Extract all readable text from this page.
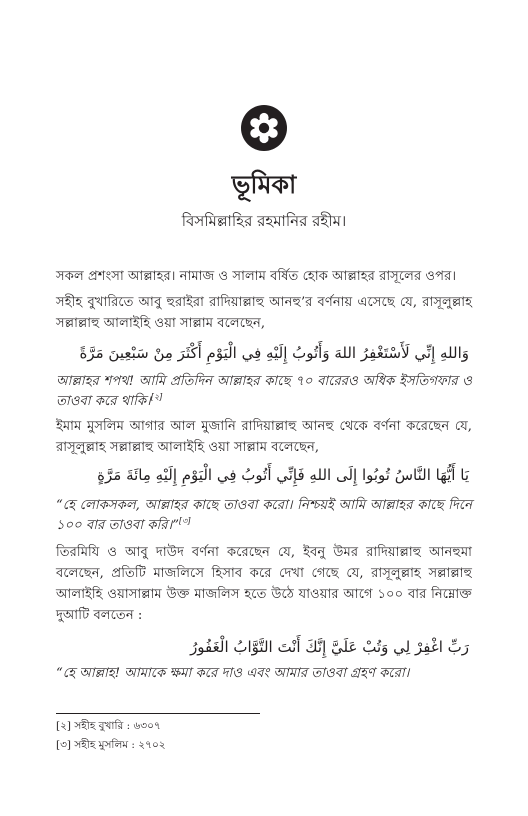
ভূমিকা
বিসমিল্লাহির রহমানির রহীম।

সকল প্রশংসা আল্লাহর। নামাজ ও সালাম বর্ষিত হোক আল্লাহর রাসূলের ওপর।

সহীহ বুখারিতে আবু হুরাইরা রাদিয়াল্লাহু আনহু’র বর্ণনায় এসেছে যে, রাসূলুল্লাহ সল্লাল্লাহু আলাইহি ওয়া সাল্লাম বলেছেন,

وَاللهِ إِنِّي لَأَسْتَغْفِرُ اللهَ وَأَتُوبُ إِلَيْهِ فِي الْيَوْمِ أَكْثَرَ مِنْ سَبْعِينَ مَرَّةً

আল্লাহর শপথ! আমি প্রতিদিন আল্লাহর কাছে ৭০ বারেরও অধিক ইসতিগফার ও তাওবা করে থাকি।[২]

ইমাম মুসলিম আগার আল মুজানি রাদিয়াল্লাহু আনহু থেকে বর্ণনা করেছেন যে, রাসূলুল্লাহ সল্লাল্লাহু আলাইহি ওয়া সাল্লাম বলেছেন,

يَا أَيُّهَا النَّاسُ تُوبُوا إِلَى اللهِ فَإِنِّي أَتُوبُ فِي الْيَوْمِ إِلَيْهِ مِائَةَ مَرَّةٍ

“হে লোকসকল, আল্লাহর কাছে তাওবা করো। নিশ্চয়ই আমি আল্লাহর কাছে দিনে ১০০ বার তাওবা করি।”[৩]

তিরমিযি ও আবু দাউদ বর্ণনা করেছেন যে, ইবনু উমর রাদিয়াল্লাহু আনহুমা বলেছেন, প্রতিটি মাজলিসে হিসাব করে দেখা গেছে যে, রাসূলুল্লাহ সল্লাল্লাহু আলাইহি ওয়াসাল্লাম উক্ত মাজলিস হতে উঠে যাওয়ার আগে ১০০ বার নিম্নোক্ত দুআটি বলতেন :

رَبِّ اغْفِرْ لِي وَتُبْ عَلَيَّ إِنَّكَ أَنْتَ التَّوَّابُ الْغَفُورُ

“হে আল্লাহ! আমাকে ক্ষমা করে দাও এবং আমার তাওবা গ্রহণ করো।

[২] সহীহ বুখারি : ৬৩০৭
[৩] সহীহ মুসলিম : ২৭০২
